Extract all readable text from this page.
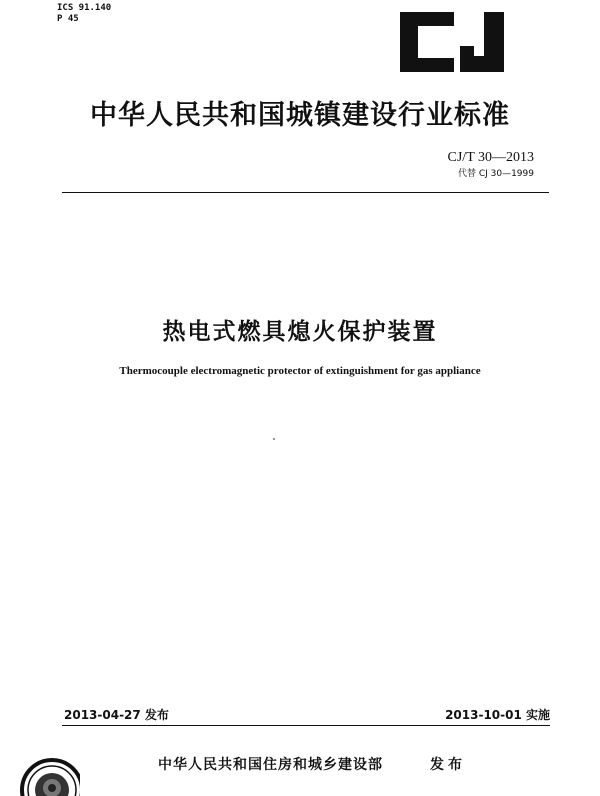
ICS 91.140
P 45
中华人民共和国城镇建设行业标准
CJ/T 30—2013
代替 CJ 30—1999
热电式燃具熄火保护装置
Thermocouple electromagnetic protector of extinguishment for gas appliance
2013-04-27 发布	2013-10-01 实施
中华人民共和国住房和城乡建设部	发布
